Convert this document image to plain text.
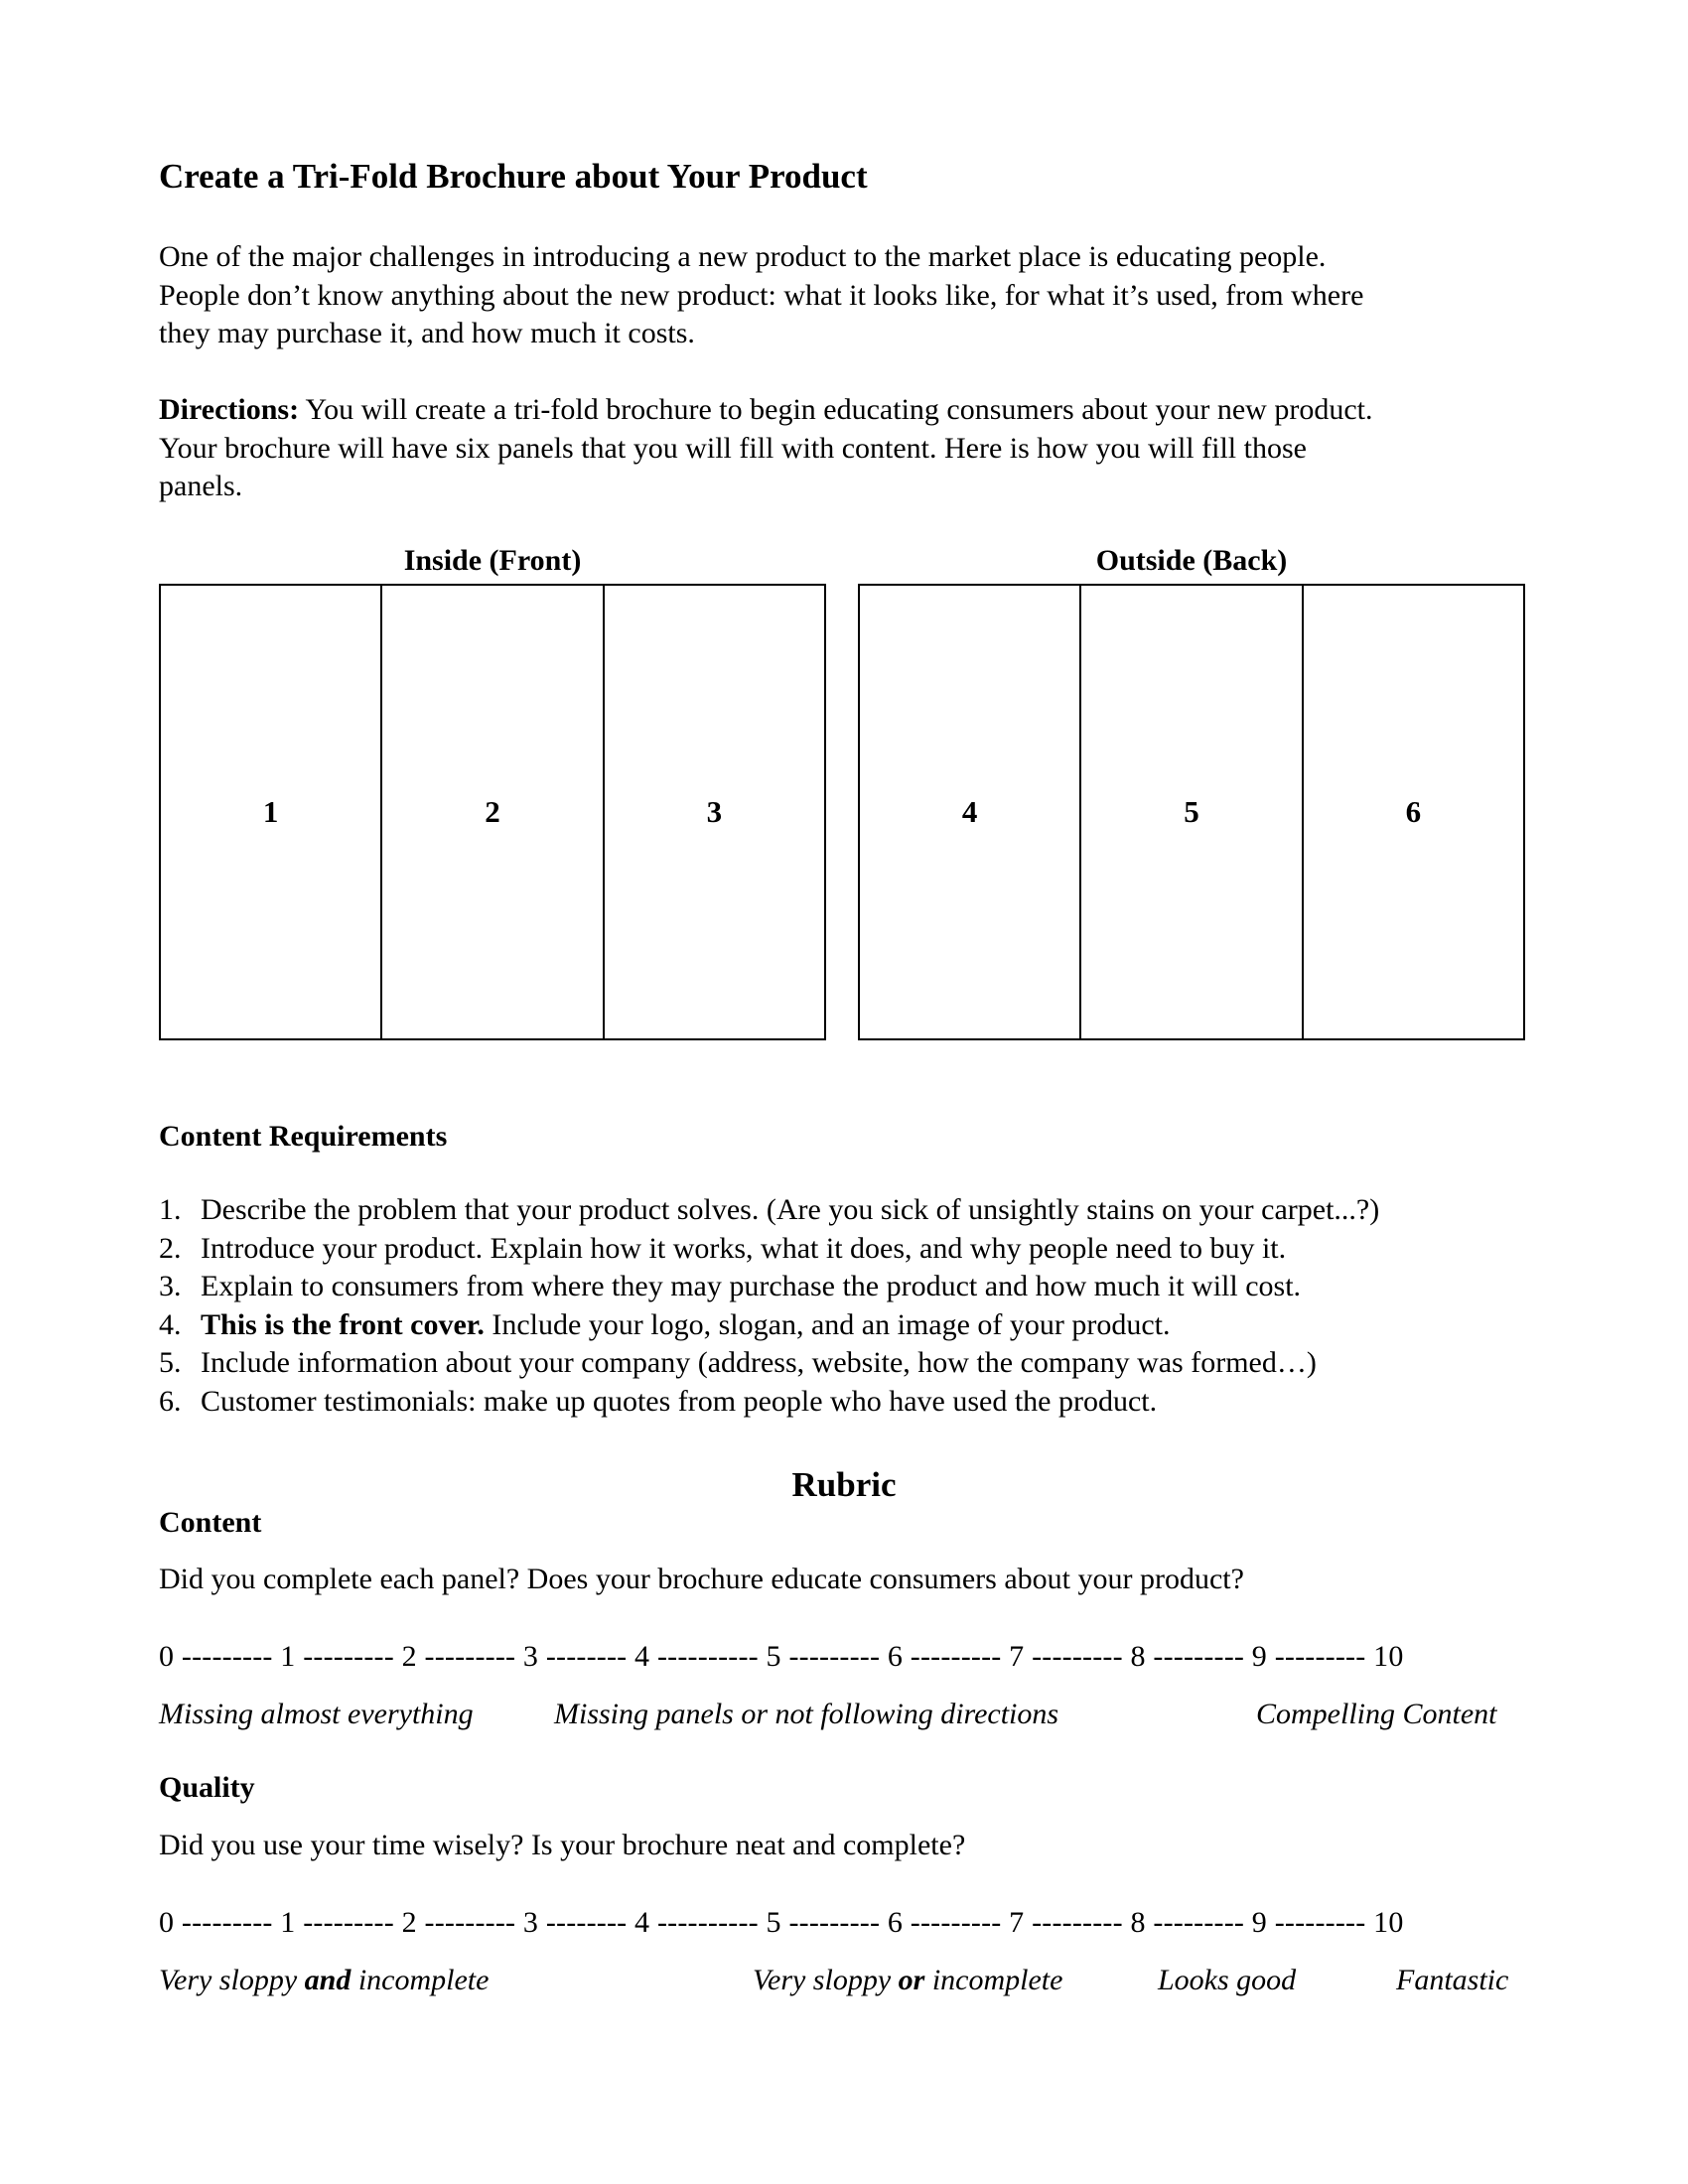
Create a Tri-Fold Brochure about Your Product
One of the major challenges in introducing a new product to the market place is educating people.
People don’t know anything about the new product: what it looks like, for what it’s used, from where
they may purchase it, and how much it costs.
Directions: You will create a tri-fold brochure to begin educating consumers about your new product.
Your brochure will have six panels that you will fill with content. Here is how you will fill those
panels.
Inside (Front)	Outside (Back)
1	2	3	4	5	6
Content Requirements
1. Describe the problem that your product solves. (Are you sick of unsightly stains on your carpet...?)
2. Introduce your product. Explain how it works, what it does, and why people need to buy it.
3. Explain to consumers from where they may purchase the product and how much it will cost.
4. This is the front cover. Include your logo, slogan, and an image of your product.
5. Include information about your company (address, website, how the company was formed…)
6. Customer testimonials: make up quotes from people who have used the product.
Rubric
Content
Did you complete each panel? Does your brochure educate consumers about your product?
0 --------- 1 --------- 2 --------- 3 -------- 4 ---------- 5 --------- 6 --------- 7 --------- 8 --------- 9 --------- 10
Missing almost everything	Missing panels or not following directions	Compelling Content
Quality
Did you use your time wisely? Is your brochure neat and complete?
0 --------- 1 --------- 2 --------- 3 -------- 4 ---------- 5 --------- 6 --------- 7 --------- 8 --------- 9 --------- 10
Very sloppy and incomplete	Very sloppy or incomplete	Looks good	Fantastic
